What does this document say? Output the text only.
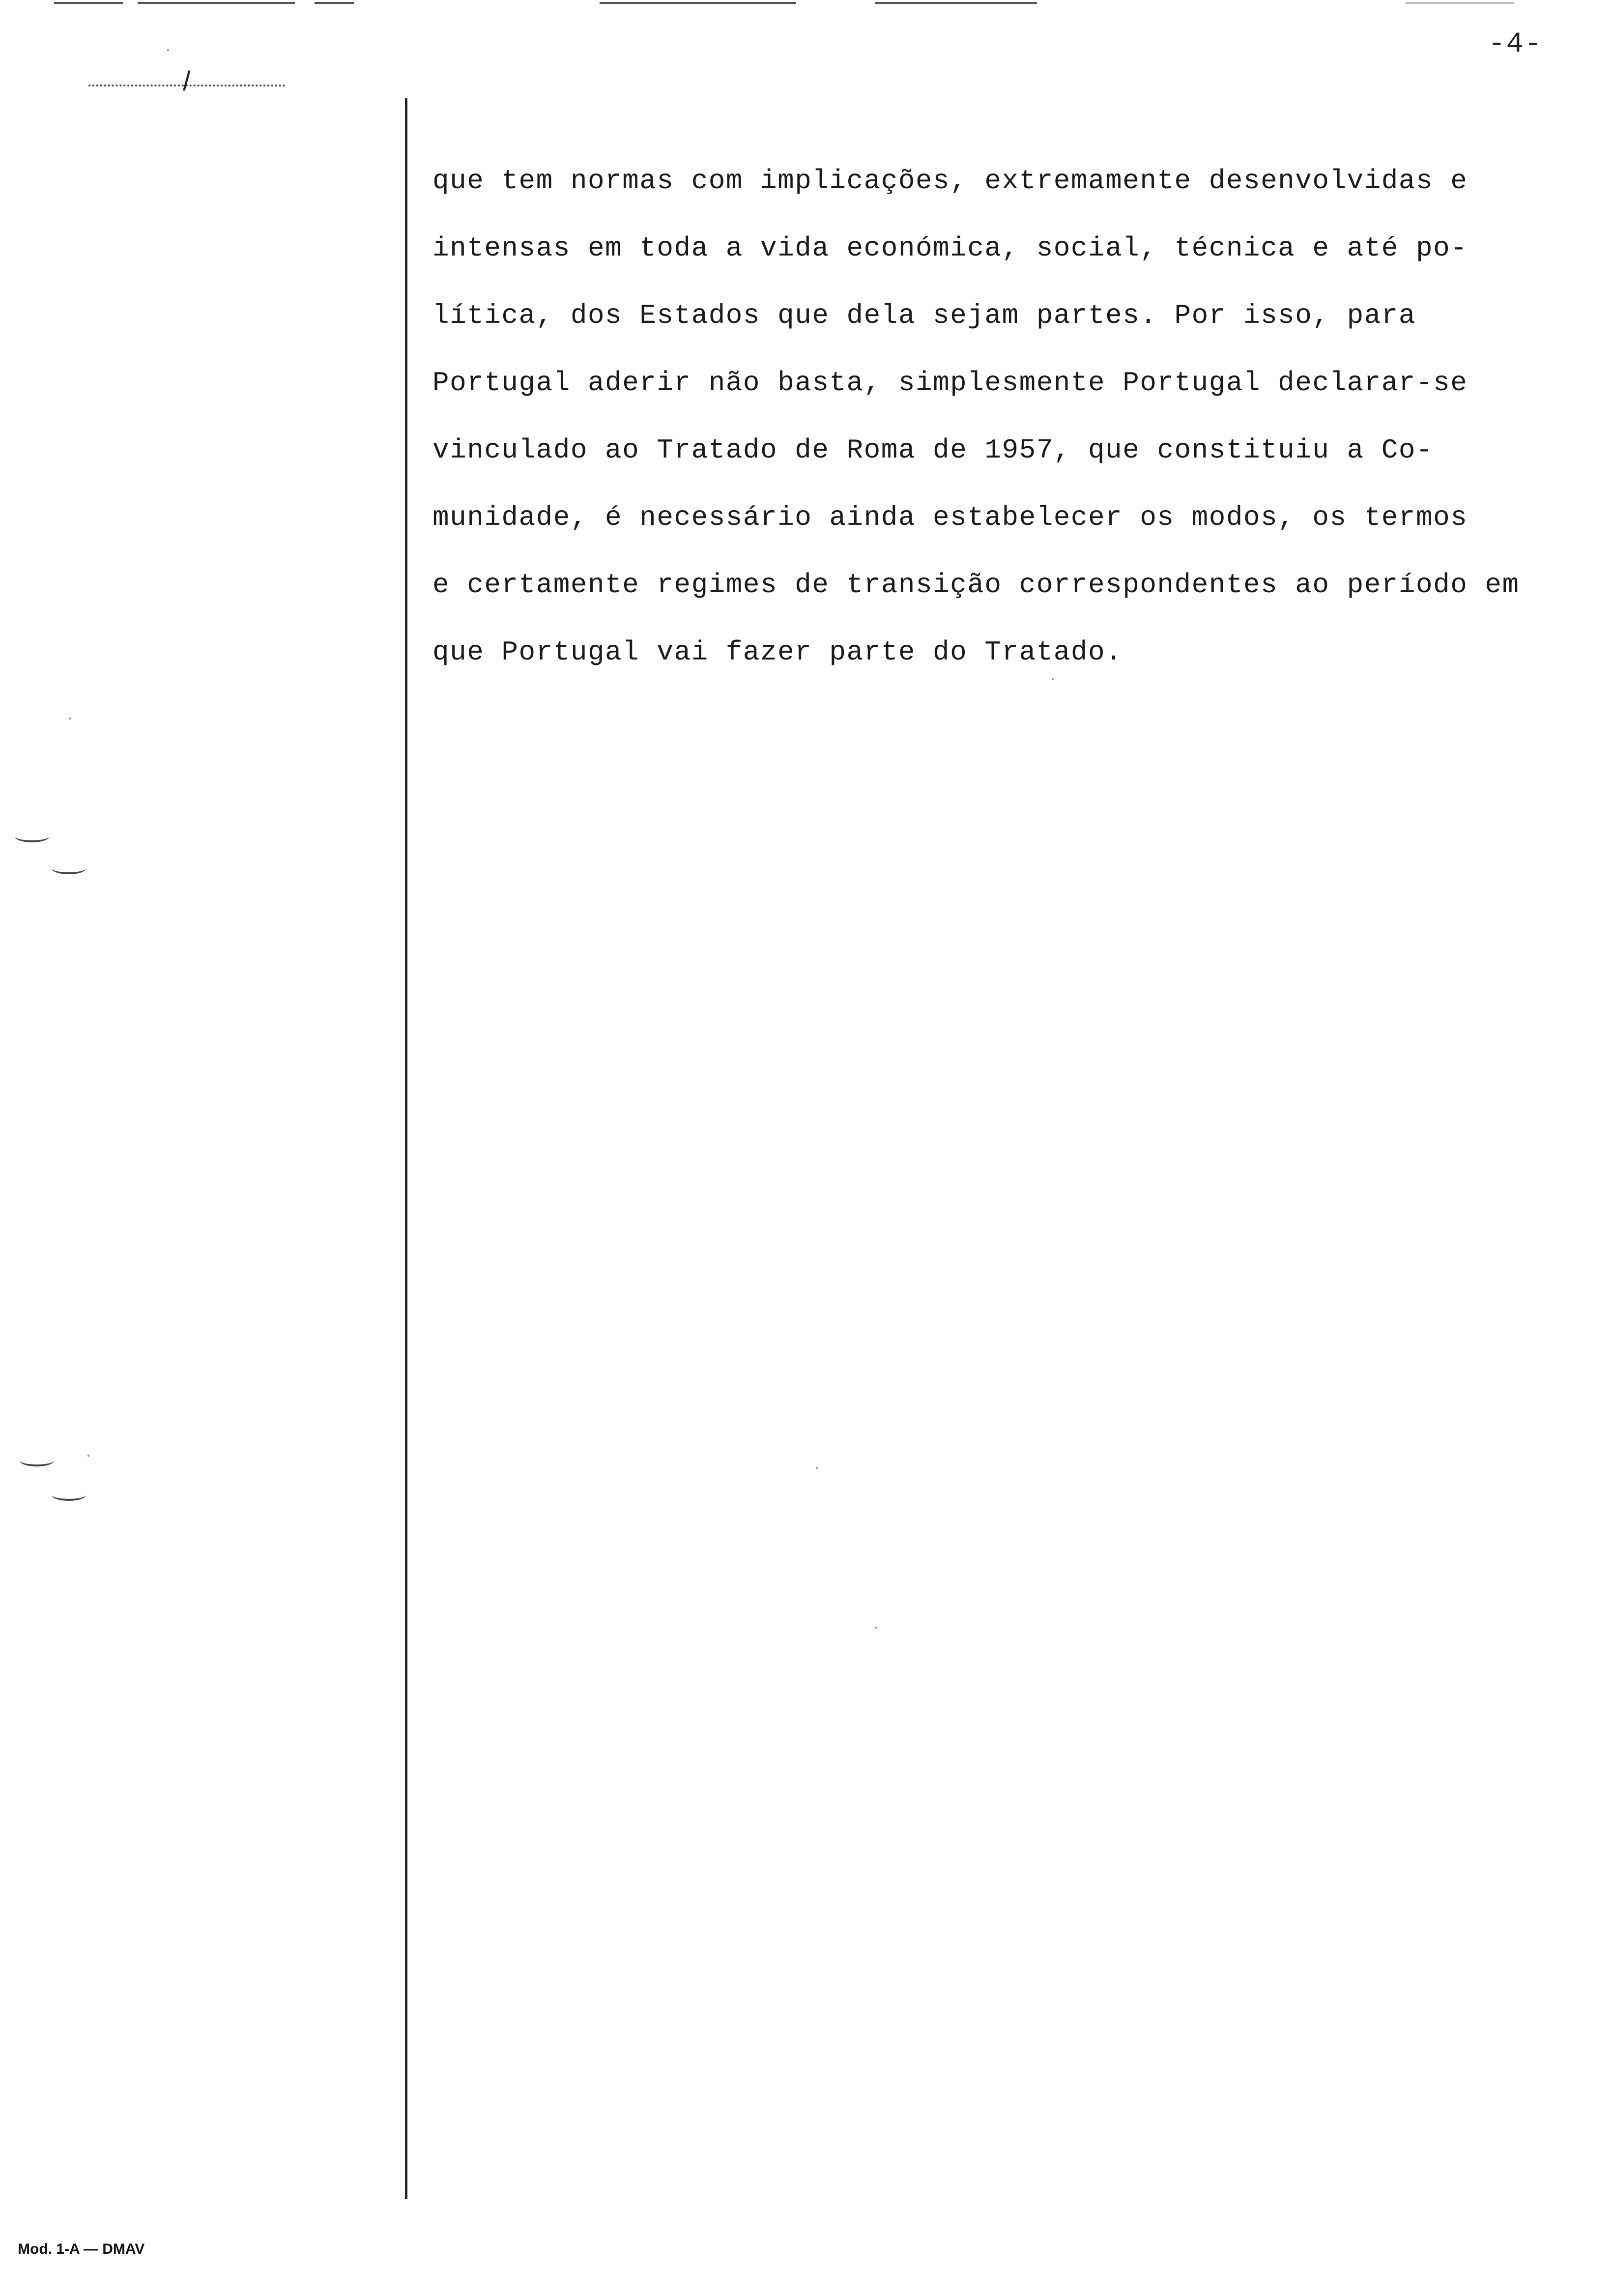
-4-
/
que tem normas com implicações, extremamente desenvolvidas e
intensas em toda a vida económica, social, técnica e até po-
lítica, dos Estados que dela sejam partes. Por isso, para
Portugal aderir não basta, simplesmente Portugal declarar-se
vinculado ao Tratado de Roma de 1957, que constituiu a Co-
munidade, é necessário ainda estabelecer os modos, os termos
e certamente regimes de transição correspondentes ao período em
que Portugal vai fazer parte do Tratado.
Mod. 1-A — DMAV
